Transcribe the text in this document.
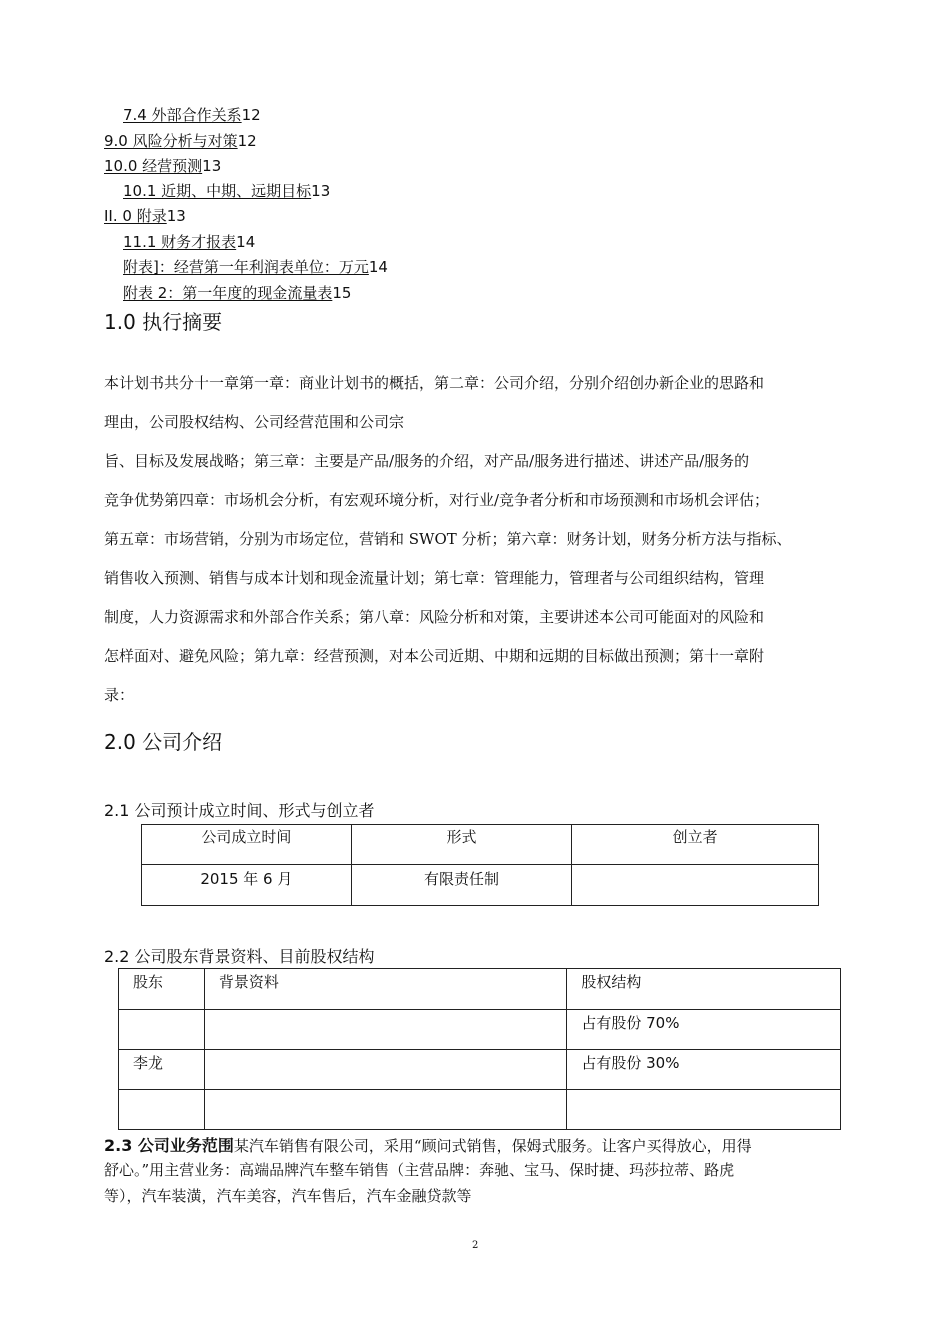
7.4 外部合作关系12
9.0 风险分析与对策12
10.0 经营预测13
10.1 近期、中期、远期目标13
II. 0 附录13
11.1 财务才报表14
附表]：经营第一年利润表单位：万元14
附表 2：第一年度的现金流量表15
1.0 执行摘要
本计划书共分十一章第一章：商业计划书的概括，第二章：公司介绍，分别介绍创办新企业的思路和
理由，公司股权结构、公司经营范围和公司宗
旨、目标及发展战略；第三章：主要是产品/服务的介绍，对产品/服务进行描述、讲述产品/服务的
竞争优势第四章：市场机会分析，有宏观环境分析，对行业/竞争者分析和市场预测和市场机会评估；
第五章：市场营销，分别为市场定位，营销和 SWOT 分析；第六章：财务计划，财务分析方法与指标、
销售收入预测、销售与成本计划和现金流量计划；第七章：管理能力，管理者与公司组织结构，管理
制度，人力资源需求和外部合作关系；第八章：风险分析和对策，主要讲述本公司可能面对的风险和
怎样面对、避免风险；第九章：经营预测，对本公司近期、中期和远期的目标做出预测；第十一章附
录：
2.0 公司介绍
2.1 公司预计成立时间、形式与创立者
公司成立时间	形式	创立者

2015 年 6 月	有限责任制	

2.2 公司股东背景资料、目前股权结构
股东	背景资料	股权结构

		占有股份 70%

李龙		占有股份 30%

2.3 公司业务范围某汽车销售有限公司，采用“顾问式销售，保姆式服务。让客户买得放心，用得
舒心。”用主营业务：高端品牌汽车整车销售（主营品牌：奔驰、宝马、保时捷、玛莎拉蒂、路虎
等），汽车装潢，汽车美容，汽车售后，汽车金融贷款等
2
